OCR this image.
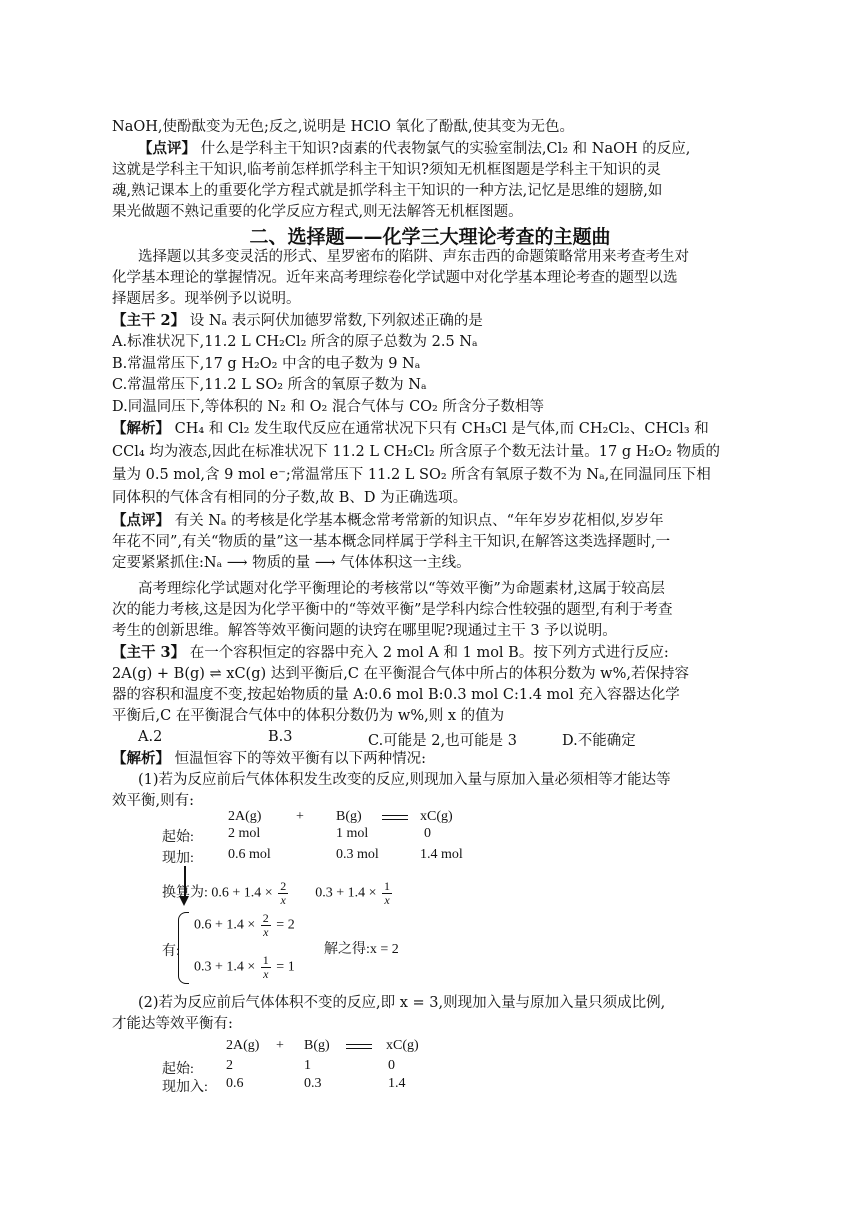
NaOH,使酚酞变为无色;反之,说明是 HClO 氧化了酚酞,使其变为无色。
【点评】 什么是学科主干知识?卤素的代表物氯气的实验室制法,Cl₂ 和 NaOH 的反应,
这就是学科主干知识,临考前怎样抓学科主干知识?须知无机框图题是学科主干知识的灵
魂,熟记课本上的重要化学方程式就是抓学科主干知识的一种方法,记忆是思维的翅膀,如
果光做题不熟记重要的化学反应方程式,则无法解答无机框图题。
二、选择题——化学三大理论考查的主题曲
选择题以其多变灵活的形式、星罗密布的陷阱、声东击西的命题策略常用来考查考生对
化学基本理论的掌握情况。近年来高考理综卷化学试题中对化学基本理论考查的题型以选
择题居多。现举例予以说明。
【主干 2】 设 Nₐ 表示阿伏加德罗常数,下列叙述正确的是
A.标准状况下,11.2 L CH₂Cl₂ 所含的原子总数为 2.5 Nₐ
B.常温常压下,17 g H₂O₂ 中含的电子数为 9 Nₐ
C.常温常压下,11.2 L SO₂ 所含的氧原子数为 Nₐ
D.同温同压下,等体积的 N₂ 和 O₂ 混合气体与 CO₂ 所含分子数相等
【解析】 CH₄ 和 Cl₂ 发生取代反应在通常状况下只有 CH₃Cl 是气体,而 CH₂Cl₂、CHCl₃ 和
CCl₄ 均为液态,因此在标准状况下 11.2 L CH₂Cl₂ 所含原子个数无法计量。17 g H₂O₂ 物质的
量为 0.5 mol,含 9 mol e⁻;常温常压下 11.2 L SO₂ 所含有氧原子数不为 Nₐ,在同温同压下相
同体积的气体含有相同的分子数,故 B、D 为正确选项。
【点评】 有关 Nₐ 的考核是化学基本概念常考常新的知识点、“年年岁岁花相似,岁岁年
年花不同”,有关“物质的量”这一基本概念同样属于学科主干知识,在解答这类选择题时,一
定要紧紧抓住:Nₐ ⟶ 物质的量 ⟶ 气体体积这一主线。
高考理综化学试题对化学平衡理论的考核常以“等效平衡”为命题素材,这属于较高层
次的能力考核,这是因为化学平衡中的“等效平衡”是学科内综合性较强的题型,有利于考查
考生的创新思维。解答等效平衡问题的诀窍在哪里呢?现通过主干 3 予以说明。
【主干 3】 在一个容积恒定的容器中充入 2 mol A 和 1 mol B。按下列方式进行反应:
2A(g) + B(g) ⇌ xC(g) 达到平衡后,C 在平衡混合气体中所占的体积分数为 w%,若保持容
器的容积和温度不变,按起始物质的量 A:0.6 mol B:0.3 mol C:1.4 mol 充入容器达化学
平衡后,C 在平衡混合气体中的体积分数仍为 w%,则 x 的值为
A.2	B.3	C.可能是 2,也可能是 3	D.不能确定
【解析】 恒温恒容下的等效平衡有以下两种情况:
(1)若为反应前后气体体积发生改变的反应,则现加入量与原加入量必须相等才能达等
效平衡,则有:
2A(g) + B(g)	xC(g)
起始: 2 mol	1 mol	0
现加: 0.6 mol	0.3 mol	1.4 mol
换算为: $0.6 + 1.4 \times \frac{2}{x} 0.3 + 1.4 \times \frac{1}{x}$
有:
$0.6 + 1.4 \times \frac{2}{x} = 2$
解之得:x = 2
$0.3 + 1.4 \times \frac{1}{x} = 1$
(2)若为反应前后气体体积不变的反应,即 x = 3,则现加入量与原加入量只须成比例,
才能达等效平衡有:
2A(g) + B(g)	xC(g)
起始: 2	1	0
现加入: 0.6	0.3	1.4
